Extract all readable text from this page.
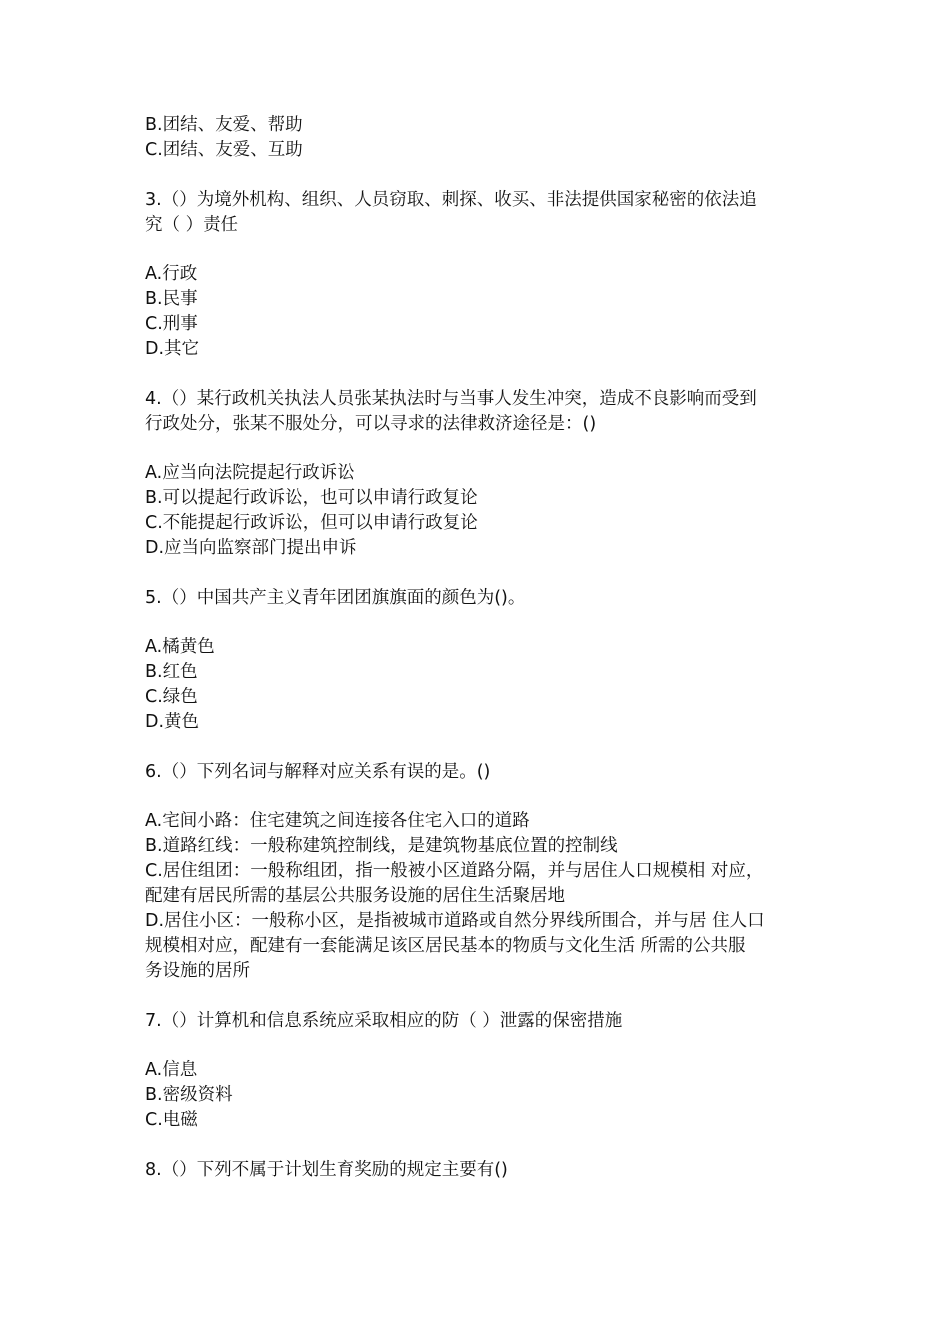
B.团结、友爱、帮助
C.团结、友爱、互助
3.（）为境外机构、组织、人员窃取、刺探、收买、非法提供国家秘密的依法追
究（ ）责任
A.行政
B.民事
C.刑事
D.其它
4.（）某行政机关执法人员张某执法时与当事人发生冲突，造成不良影响而受到
行政处分，张某不服处分，可以寻求的法律救济途径是：()
A.应当向法院提起行政诉讼
B.可以提起行政诉讼，也可以申请行政复论
C.不能提起行政诉讼，但可以申请行政复论
D.应当向监察部门提出申诉
5.（）中国共产主义青年团团旗旗面的颜色为()。
A.橘黄色
B.红色
C.绿色
D.黄色
6.（）下列名词与解释对应关系有误的是。()
A.宅间小路：住宅建筑之间连接各住宅入口的道路
B.道路红线：一般称建筑控制线，是建筑物基底位置的控制线
C.居住组团：一般称组团，指一般被小区道路分隔，并与居住人口规模相 对应，
配建有居民所需的基层公共服务设施的居住生活聚居地
D.居住小区：一般称小区，是指被城市道路或自然分界线所围合，并与居 住人口
规模相对应，配建有一套能满足该区居民基本的物质与文化生活 所需的公共服
务设施的居所
7.（）计算机和信息系统应采取相应的防（ ）泄露的保密措施
A.信息
B.密级资料
C.电磁
8.（）下列不属于计划生育奖励的规定主要有()
